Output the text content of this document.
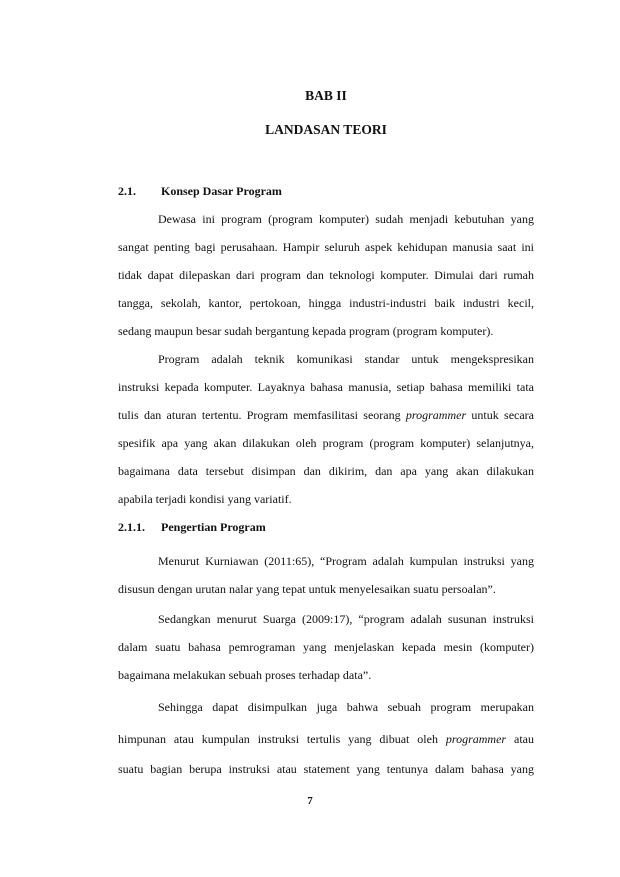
BAB II
LANDASAN TEORI
2.1. Konsep Dasar Program
Dewasa ini program (program komputer) sudah menjadi kebutuhan yang
sangat penting bagi perusahaan. Hampir seluruh aspek kehidupan manusia saat ini
tidak dapat dilepaskan dari program dan teknologi komputer. Dimulai dari rumah
tangga, sekolah, kantor, pertokoan, hingga industri-industri baik industri kecil,
sedang maupun besar sudah bergantung kepada program (program komputer).
Program adalah teknik komunikasi standar untuk mengekspresikan
instruksi kepada komputer. Layaknya bahasa manusia, setiap bahasa memiliki tata
tulis dan aturan tertentu. Program memfasilitasi seorang programmer untuk secara
spesifik apa yang akan dilakukan oleh program (program komputer) selanjutnya,
bagaimana data tersebut disimpan dan dikirim, dan apa yang akan dilakukan
apabila terjadi kondisi yang variatif.
2.1.1. Pengertian Program
Menurut Kurniawan (2011:65), “Program adalah kumpulan instruksi yang
disusun dengan urutan nalar yang tepat untuk menyelesaikan suatu persoalan”.
Sedangkan menurut Suarga (2009:17), “program adalah susunan instruksi
dalam suatu bahasa pemrograman yang menjelaskan kepada mesin (komputer)
bagaimana melakukan sebuah proses terhadap data”.
Sehingga dapat disimpulkan juga bahwa sebuah program merupakan
himpunan atau kumpulan instruksi tertulis yang dibuat oleh programmer atau
suatu bagian berupa instruksi atau statement yang tentunya dalam bahasa yang
7
